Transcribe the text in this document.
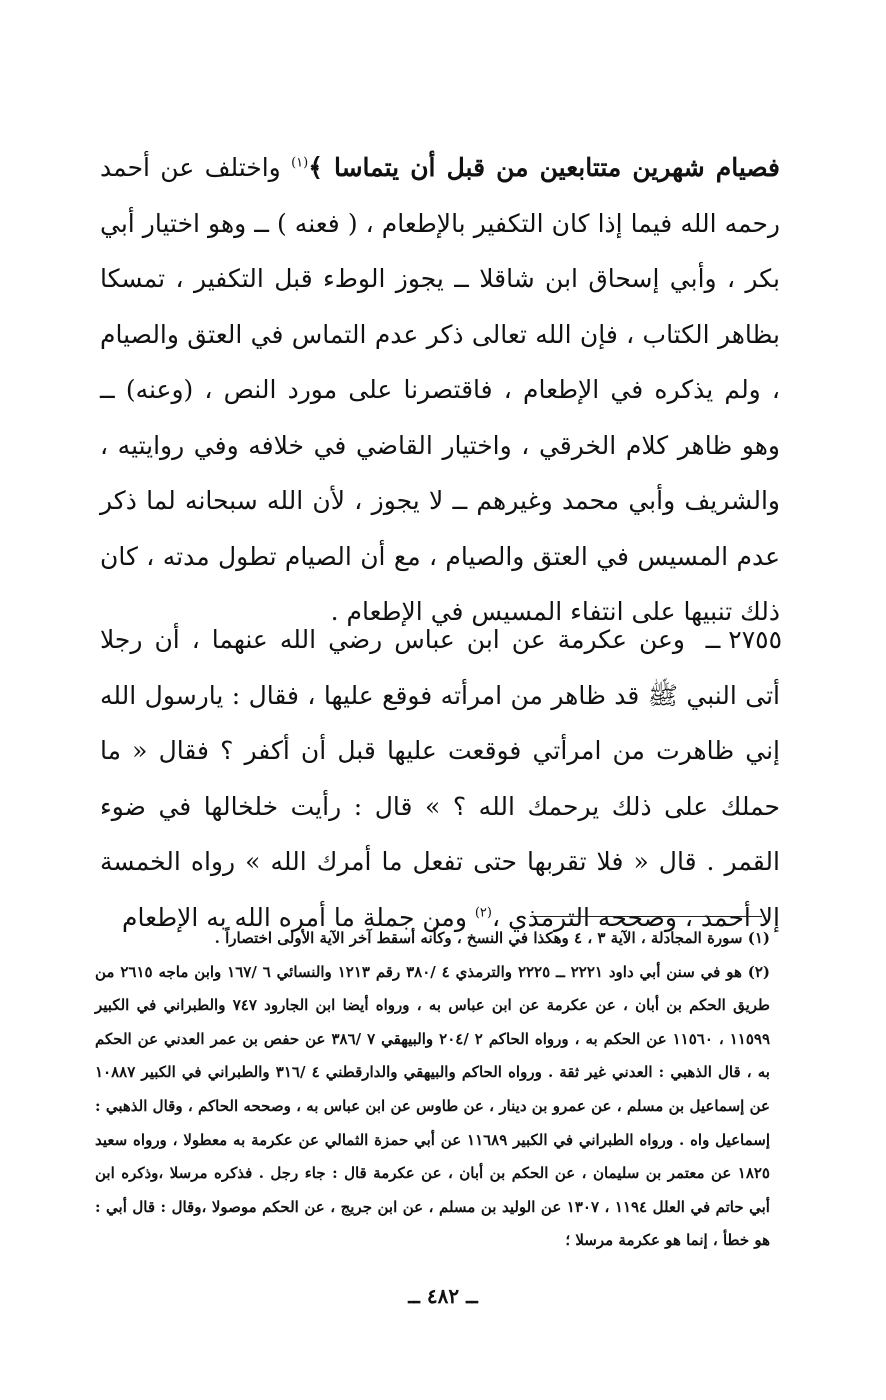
فصيام شهرين متتابعين من قبل أن يتماسا ﴾$^{(١)}$ واختلف عن أحمد رحمه الله فيما إذا كان التكفير بالإطعام ، ( فعنه ) ــ وهو اختيار أبي بكر ، وأبي إسحاق ابن شاقلا ــ يجوز الوطء قبل التكفير ، تمسكا بظاهر الكتاب ، فإن الله تعالى ذكر عدم التماس في العتق والصيام ، ولم يذكره في الإطعام ، فاقتصرنا على مورد النص ، (وعنه) ــ وهو ظاهر كلام الخرقي ، واختيار القاضي في خلافه وفي روايتيه ، والشريف وأبي محمد وغيرهم ــ لا يجوز ، لأن الله سبحانه لما ذكر عدم المسيس في العتق والصيام ، مع أن الصيام تطول مدته ، كان ذلك تنبيها على انتفاء المسيس في الإطعام .

٢٧٥٥ ــ

وعن عكرمة عن ابن عباس رضي الله عنهما ، أن رجلا أتى النبي ﷺ قد ظاهر من امرأته فوقع عليها ، فقال : يارسول الله إني ظاهرت من امرأتي فوقعت عليها قبل أن أكفر ؟ فقال « ما حملك على ذلك يرحمك الله ؟ » قال : رأيت خلخالها في ضوء القمر . قال « فلا تقربها حتى تفعل ما أمرك الله » رواه الخمسة إلا أحمد ، وصححه الترمذي ،$^{(٢)}$ ومن جملة ما أمره الله به الإطعام

(١) سورة المجادلة ، الآية ٣ ، ٤ وهكذا في النسخ ، وكأنه أسقط آخر الآية الأولى اختصاراً .

(٢) هو في سنن أبي داود ٢٢٢١ ــ ٢٢٢٥ والترمذي ٤ /٣٨٠ رقم ١٢١٣ والنسائي ٦ /١٦٧ وابن ماجه ٢٦١٥ من طريق الحكم بن أبان ، عن عكرمة عن ابن عباس به ، ورواه أيضا ابن الجارود ٧٤٧ والطبراني في الكبير ١١٥٩٩ ، ١١٥٦٠ عن الحكم به ، ورواه الحاكم ٢ /٢٠٤ والبيهقي ٧ /٣٨٦ عن حفص بن عمر العدني عن الحكم به ، قال الذهبي : العدني غير ثقة . ورواه الحاكم والبيهقي والدارقطني ٤ /٣١٦ والطبراني في الكبير ١٠٨٨٧ عن إسماعيل بن مسلم ، عن عمرو بن دينار ، عن طاوس عن ابن عباس به ، وصححه الحاكم ، وقال الذهبي : إسماعيل واه . ورواه الطبراني في الكبير ١١٦٨٩ عن أبي حمزة الثمالي عن عكرمة به معطولا ، ورواه سعيد ١٨٢٥ عن معتمر بن سليمان ، عن الحكم بن أبان ، عن عكرمة قال : جاء رجل . فذكره مرسلا ،وذكره ابن أبي حاتم في العلل ١١٩٤ ، ١٣٠٧ عن الوليد بن مسلم ، عن ابن جريج ، عن الحكم موصولا ،وقال : قال أبي : هو خطأ ، إنما هو عكرمة مرسلا ؛

ــ ٤٨٢ ــ
